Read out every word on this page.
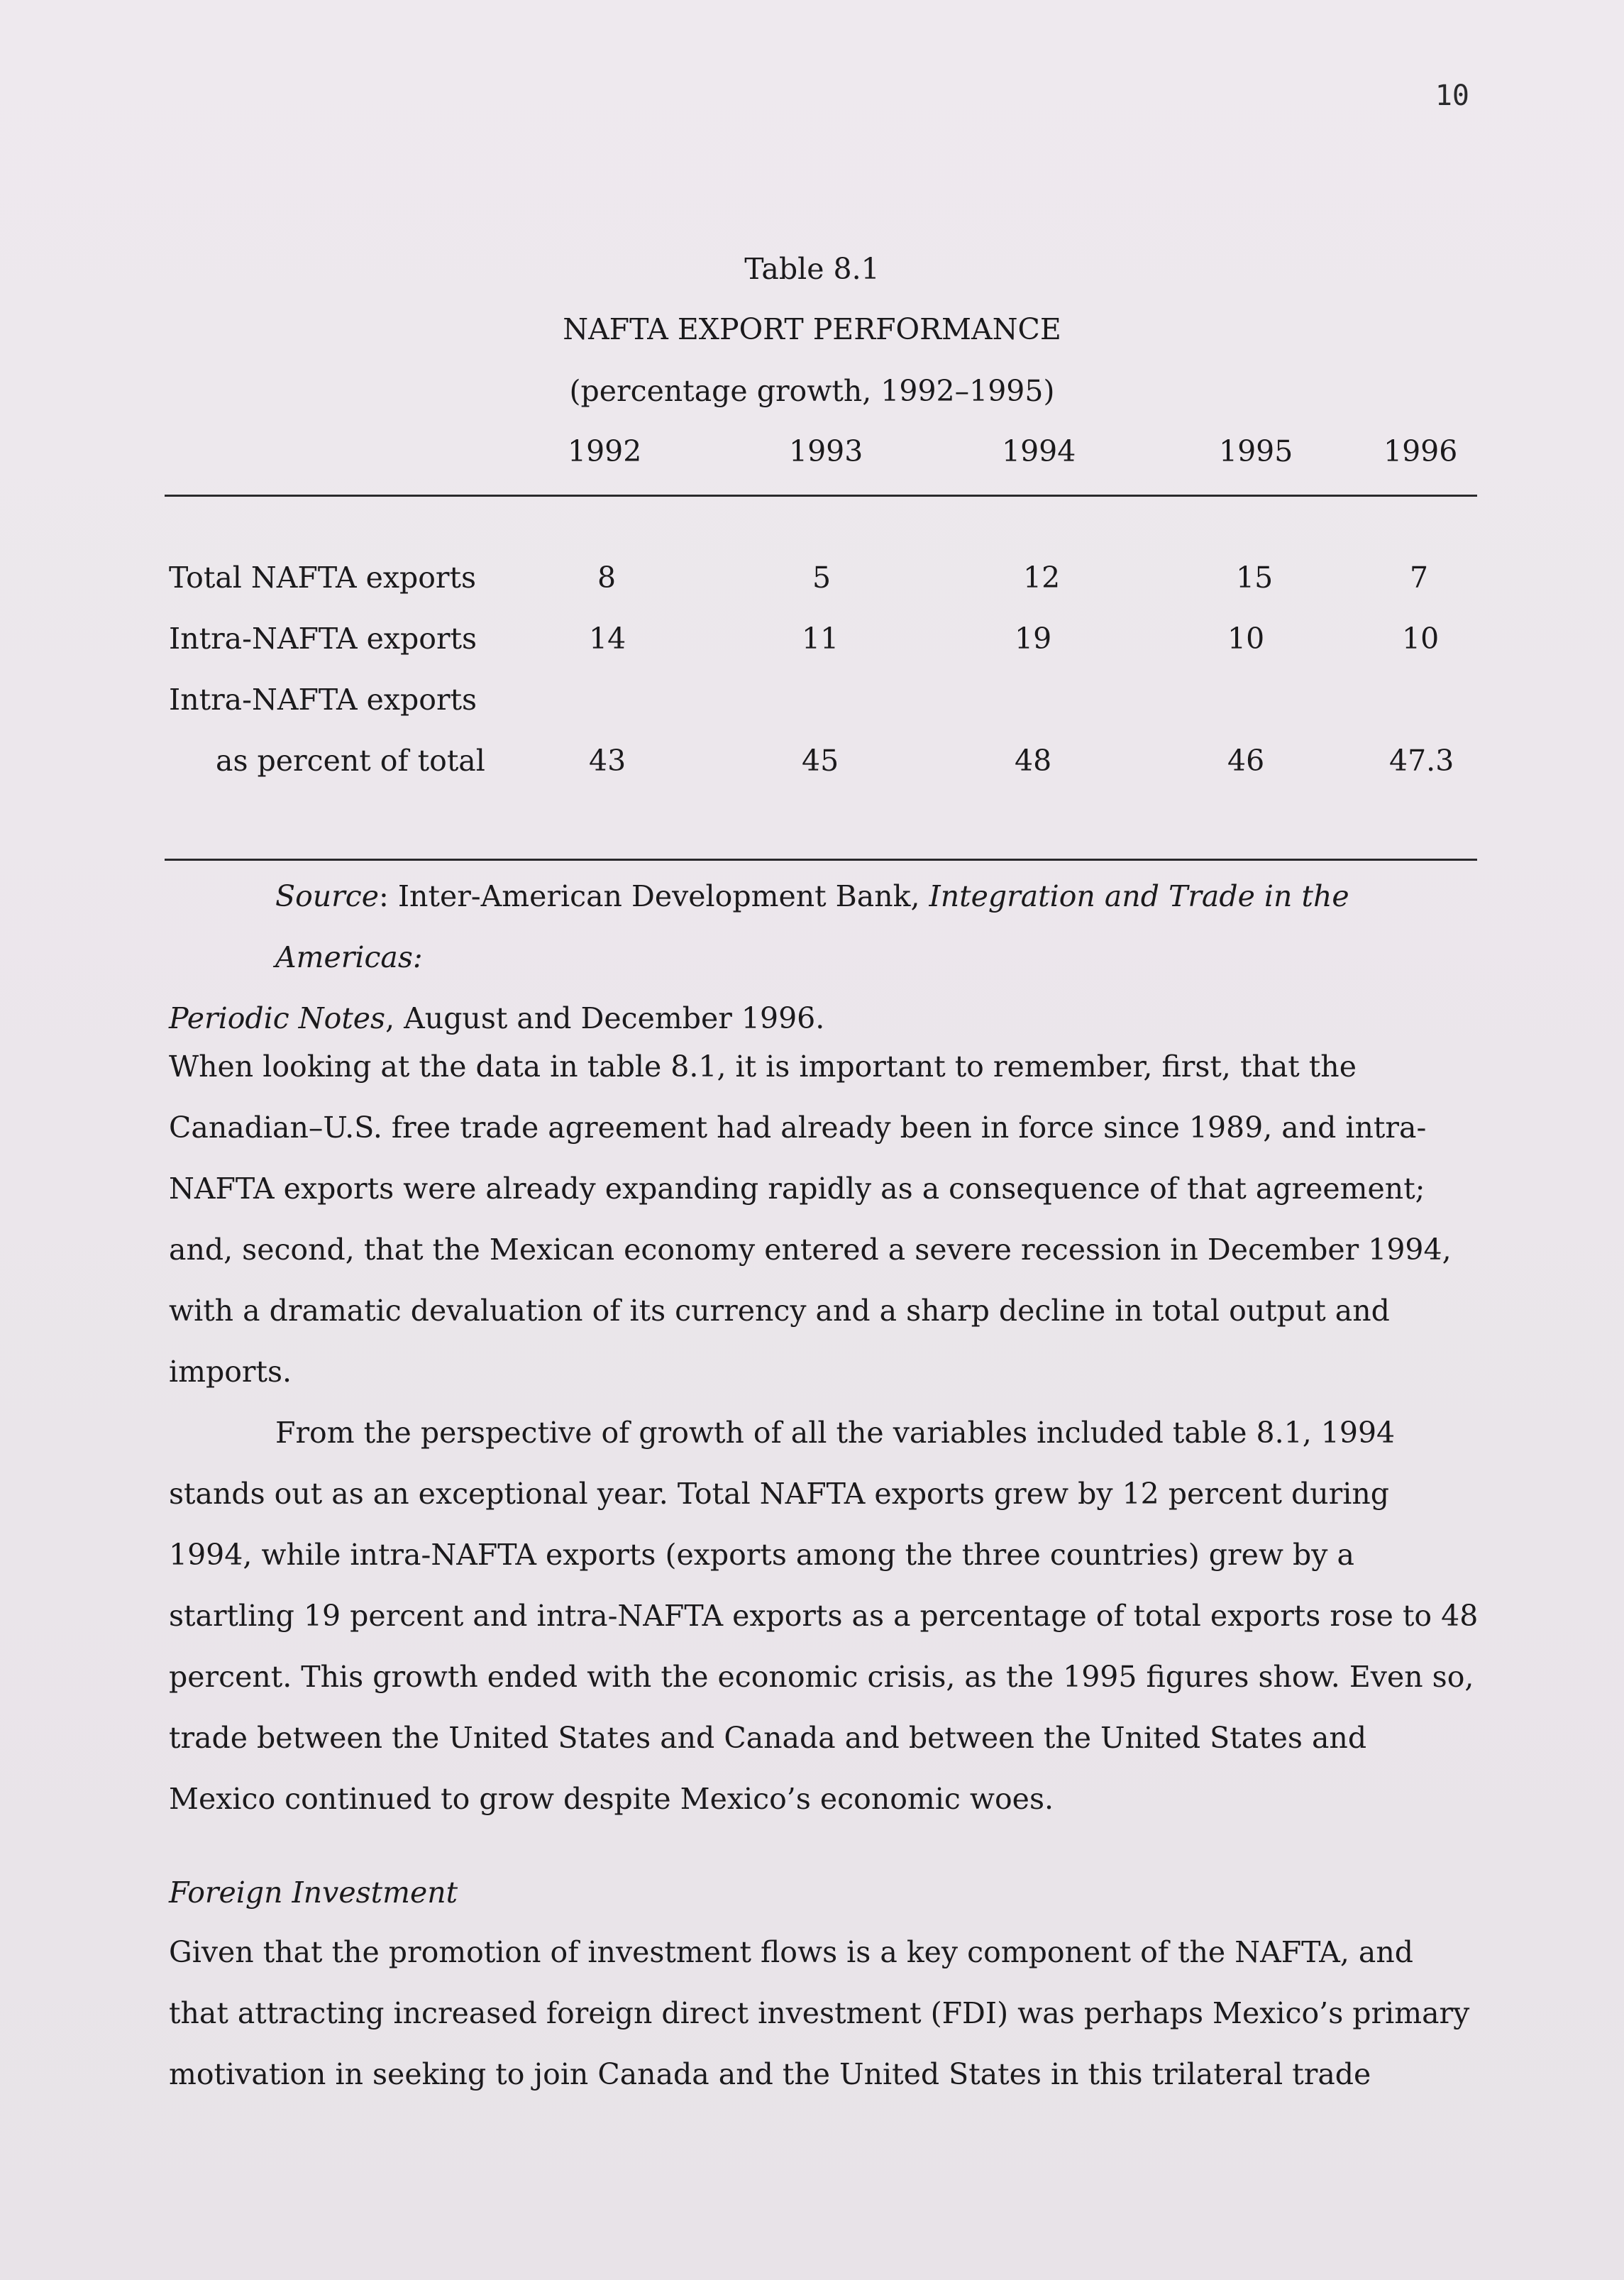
10
Table 8.1
NAFTA EXPORT PERFORMANCE
(percentage growth, 1992–1995)
1992	1993	1994	1995	1996
Total NAFTA exports	8	5	12	15	7
Intra-NAFTA exports	14	11	19	10	10
Intra-NAFTA exports
as percent of total	43	45	48	46	47.3
Source: Inter-American Development Bank, Integration and Trade in the Americas:
Periodic Notes, August and December 1996.

When looking at the data in table 8.1, it is important to remember, first, that the Canadian–U.S. free trade agreement had already been in force since 1989, and intra-NAFTA exports were already expanding rapidly as a consequence of that agreement; and, second, that the Mexican economy entered a severe recession in December 1994, with a dramatic devaluation of its currency and a sharp decline in total output and imports.

From the perspective of growth of all the variables included table 8.1, 1994 stands out as an exceptional year. Total NAFTA exports grew by 12 percent during 1994, while intra-NAFTA exports (exports among the three countries) grew by a startling 19 percent and intra-NAFTA exports as a percentage of total exports rose to 48 percent. This growth ended with the economic crisis, as the 1995 figures show. Even so, trade between the United States and Canada and between the United States and Mexico continued to grow despite Mexico’s economic woes.

Foreign Investment

Given that the promotion of investment flows is a key component of the NAFTA, and that attracting increased foreign direct investment (FDI) was perhaps Mexico’s primary motivation in seeking to join Canada and the United States in this trilateral trade
